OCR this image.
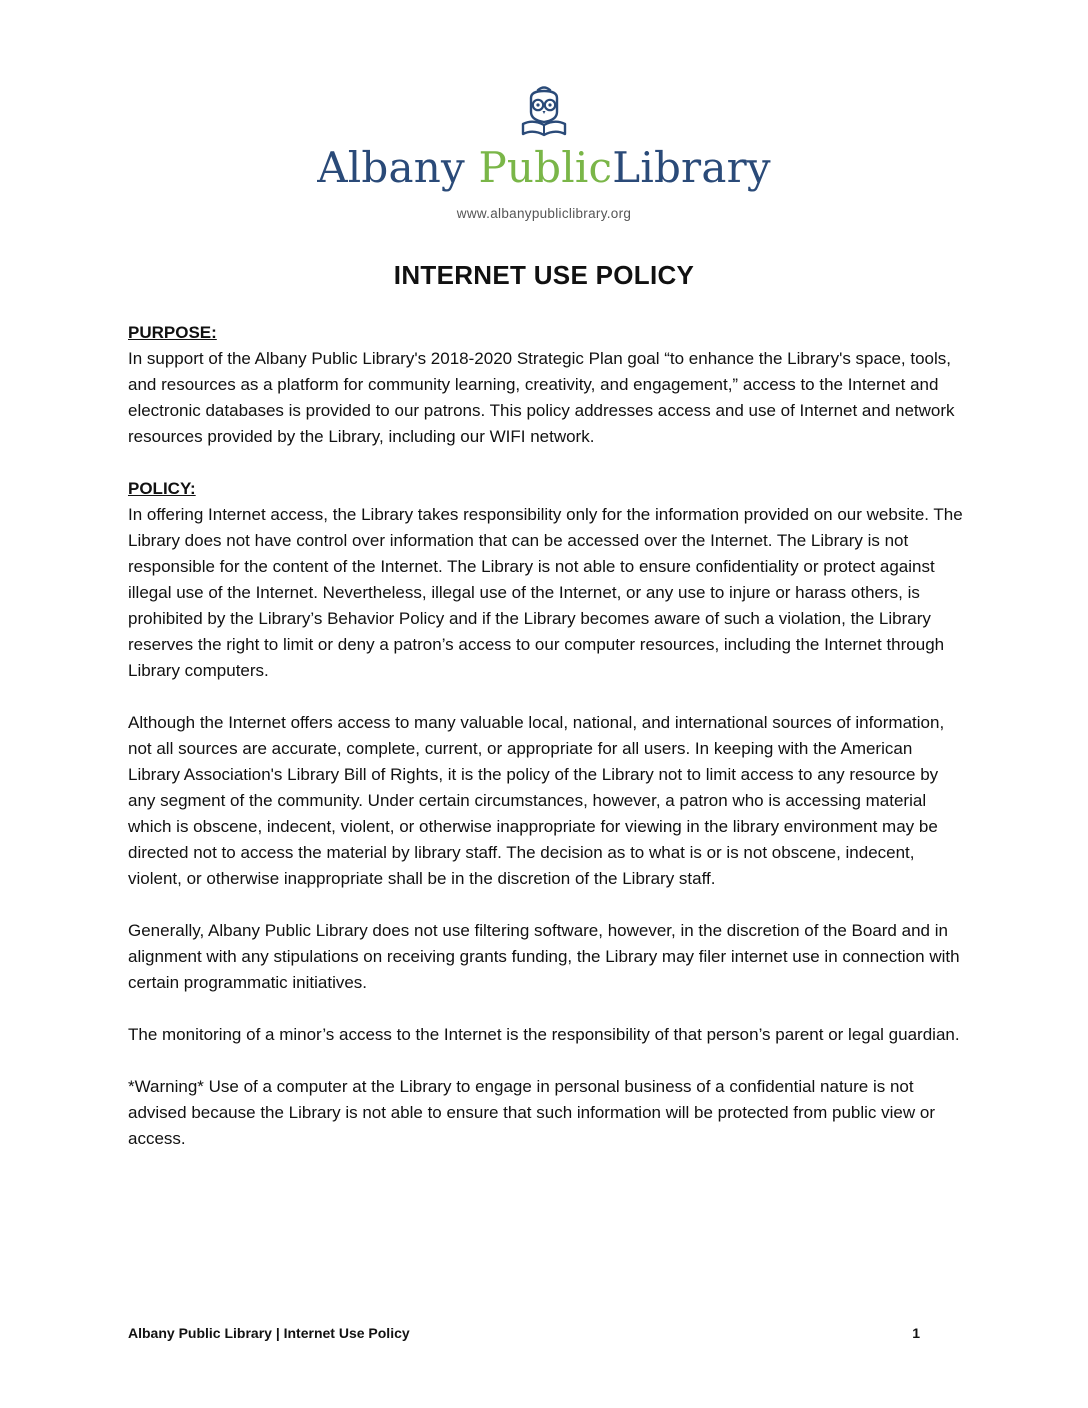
Albany PublicLibrary
www.albanypubliclibrary.org
INTERNET USE POLICY

PURPOSE:

In support of the Albany Public Library's 2018-2020 Strategic Plan goal “to enhance the Library's space, tools, and resources as a platform for community learning, creativity, and engagement,” access to the Internet and electronic databases is provided to our patrons. This policy addresses access and use of Internet and network resources provided by the Library, including our WIFI network.

POLICY:

In offering Internet access, the Library takes responsibility only for the information provided on our website. The Library does not have control over information that can be accessed over the Internet. The Library is not responsible for the content of the Internet. The Library is not able to ensure confidentiality or protect against illegal use of the Internet. Nevertheless, illegal use of the Internet, or any use to injure or harass others, is prohibited by the Library’s Behavior Policy and if the Library becomes aware of such a violation, the Library reserves the right to limit or deny a patron’s access to our computer resources, including the Internet through Library computers.

Although the Internet offers access to many valuable local, national, and international sources of information, not all sources are accurate, complete, current, or appropriate for all users. In keeping with the American Library Association's Library Bill of Rights, it is the policy of the Library not to limit access to any resource by any segment of the community. Under certain circumstances, however, a patron who is accessing material which is obscene, indecent, violent, or otherwise inappropriate for viewing in the library environment may be directed not to access the material by library staff. The decision as to what is or is not obscene, indecent, violent, or otherwise inappropriate shall be in the discretion of the Library staff.

Generally, Albany Public Library does not use filtering software, however, in the discretion of the Board and in alignment with any stipulations on receiving grants funding, the Library may filer internet use in connection with certain programmatic initiatives.

The monitoring of a minor’s access to the Internet is the responsibility of that person’s parent or legal guardian.

*Warning* Use of a computer at the Library to engage in personal business of a confidential nature is not advised because the Library is not able to ensure that such information will be protected from public view or access.

Albany Public Library | Internet Use Policy	1
